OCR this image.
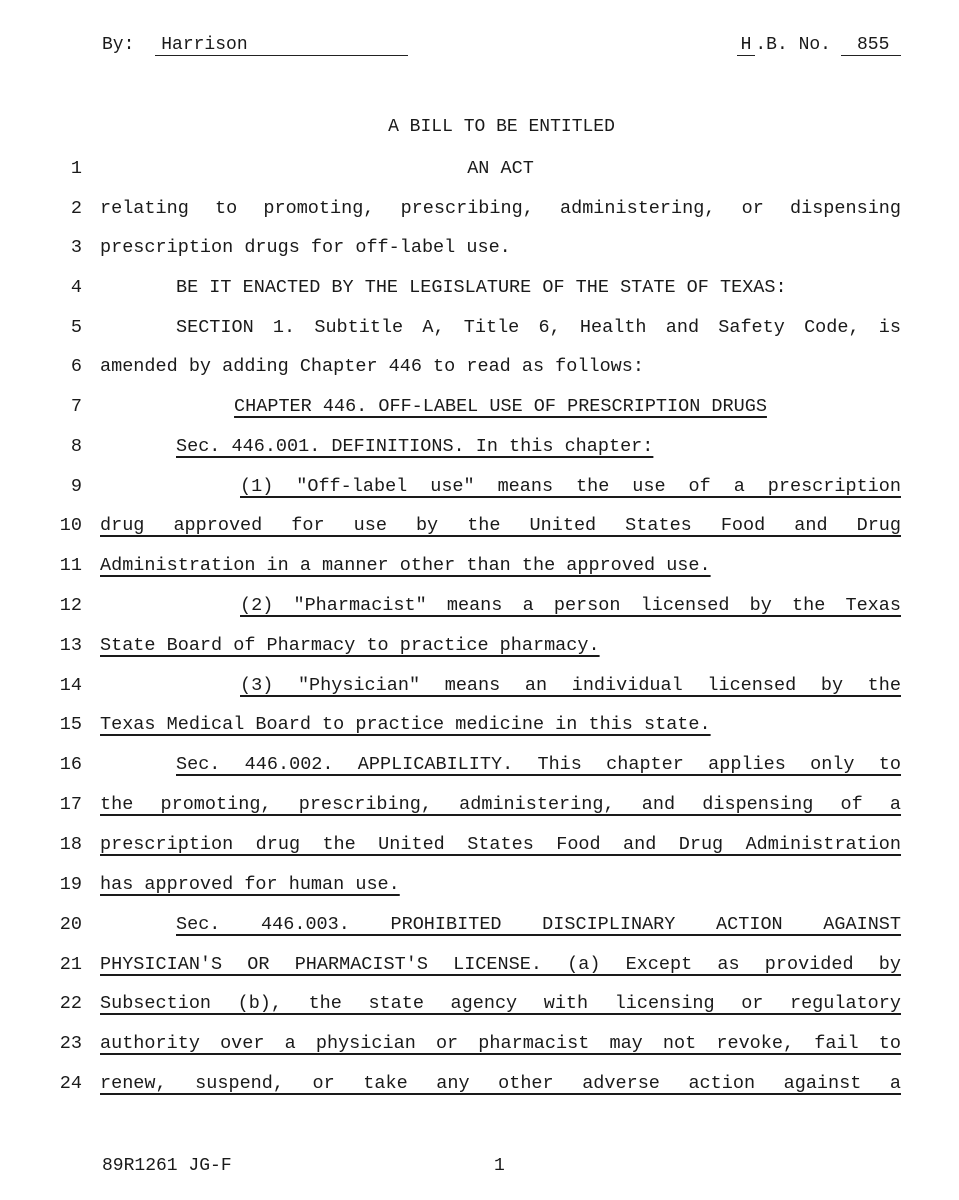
By: Harrison	H .B. No. 855
A BILL TO BE ENTITLED
1	AN ACT
2 relating to promoting, prescribing, administering, or dispensing
3 prescription drugs for off-label use.
4	BE IT ENACTED BY THE LEGISLATURE OF THE STATE OF TEXAS:
5	SECTION 1. Subtitle A, Title 6, Health and Safety Code, is
6 amended by adding Chapter 446 to read as follows:
7	CHAPTER 446. OFF-LABEL USE OF PRESCRIPTION DRUGS
8	Sec. 446.001. DEFINITIONS. In this chapter:
9	(1) "Off-label use" means the use of a prescription
10 drug approved for use by the United States Food and Drug
11 Administration in a manner other than the approved use.
12	(2) "Pharmacist" means a person licensed by the Texas
13 State Board of Pharmacy to practice pharmacy.
14	(3) "Physician" means an individual licensed by the
15 Texas Medical Board to practice medicine in this state.
16	Sec. 446.002. APPLICABILITY. This chapter applies only to
17 the promoting, prescribing, administering, and dispensing of a
18 prescription drug the United States Food and Drug Administration
19 has approved for human use.
20	Sec. 446.003. PROHIBITED DISCIPLINARY ACTION AGAINST
21 PHYSICIAN'S OR PHARMACIST'S LICENSE. (a) Except as provided by
22 Subsection (b), the state agency with licensing or regulatory
23 authority over a physician or pharmacist may not revoke, fail to
24 renew, suspend, or take any other adverse action against a
89R1261 JG-F	1
